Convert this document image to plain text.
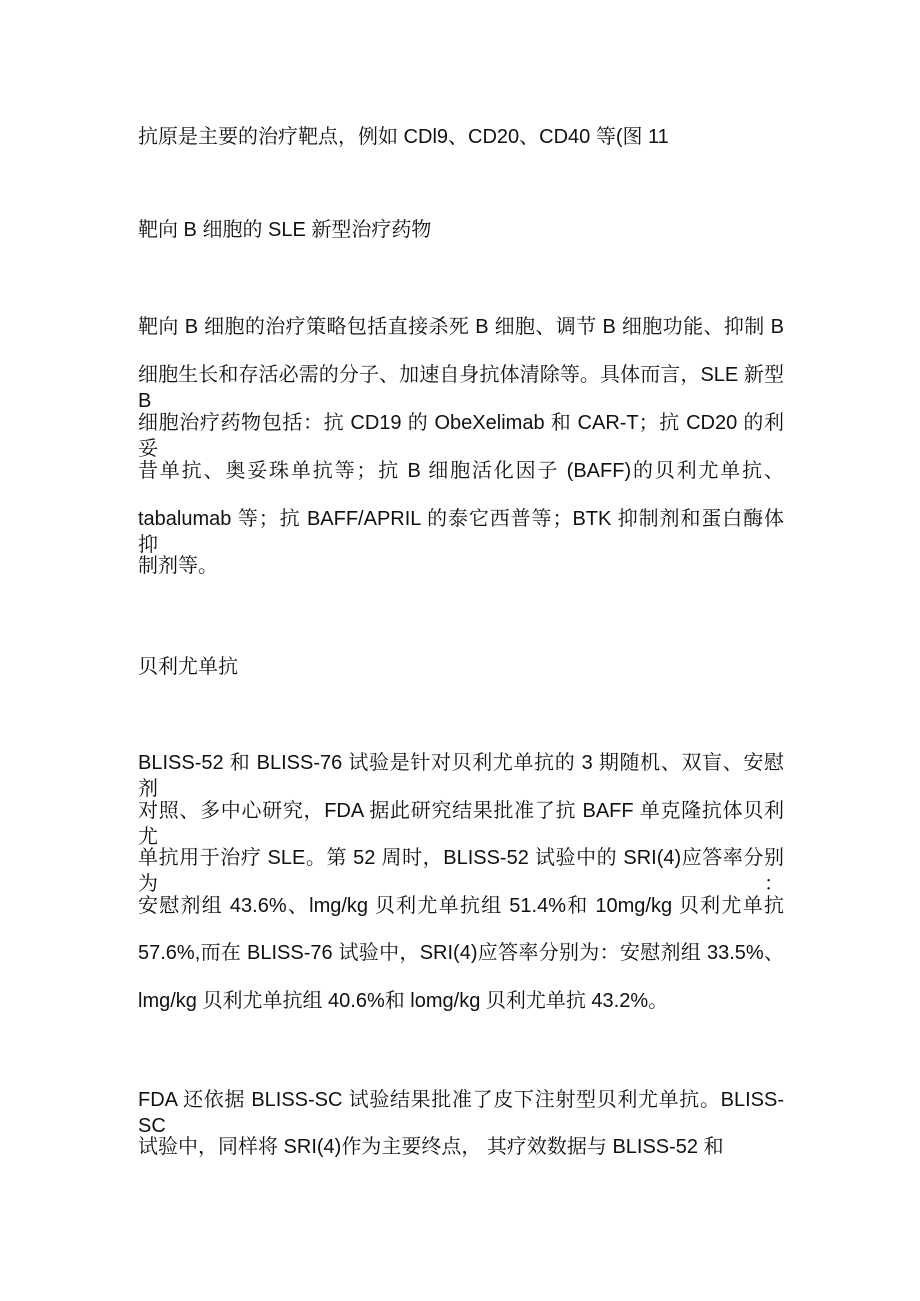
抗原是主要的治疗靶点，例如 CDl9、CD20、CD40 等(图 11
靶向 B 细胞的 SLE 新型治疗药物
靶向 B 细胞的治疗策略包括直接杀死 B 细胞、调节 B 细胞功能、抑制 B
细胞生长和存活必需的分子、加速自身抗体清除等。具体而言，SLE 新型 B
细胞治疗药物包括：抗 CD19 的 ObeXelimab 和 CAR-T；抗 CD20 的利妥
昔单抗、奥妥珠单抗等；抗 B 细胞活化因子 (BAFF)的贝利尤单抗、
tabalumab 等；抗 BAFF/APRIL 的泰它西普等；BTK 抑制剂和蛋白酶体抑
制剂等。
贝利尤单抗
BLISS-52 和 BLISS-76 试验是针对贝利尤单抗的 3 期随机、双盲、安慰剂
对照、多中心研究，FDA 据此研究结果批准了抗 BAFF 单克隆抗体贝利尤
单抗用于治疗 SLE。第 52 周时，BLISS-52 试验中的 SRI(4)应答率分别为：
安慰剂组 43.6%、lmg/kg 贝利尤单抗组 51.4%和 10mg/kg 贝利尤单抗
57.6%,而在 BLISS-76 试验中，SRI(4)应答率分别为：安慰剂组 33.5%、
lmg/kg 贝利尤单抗组 40.6%和 lomg/kg 贝利尤单抗 43.2%。
FDA 还依据 BLISS-SC 试验结果批准了皮下注射型贝利尤单抗。BLISS-SC
试验中，同样将 SRI(4)作为主要终点， 其疗效数据与 BLISS-52 和
